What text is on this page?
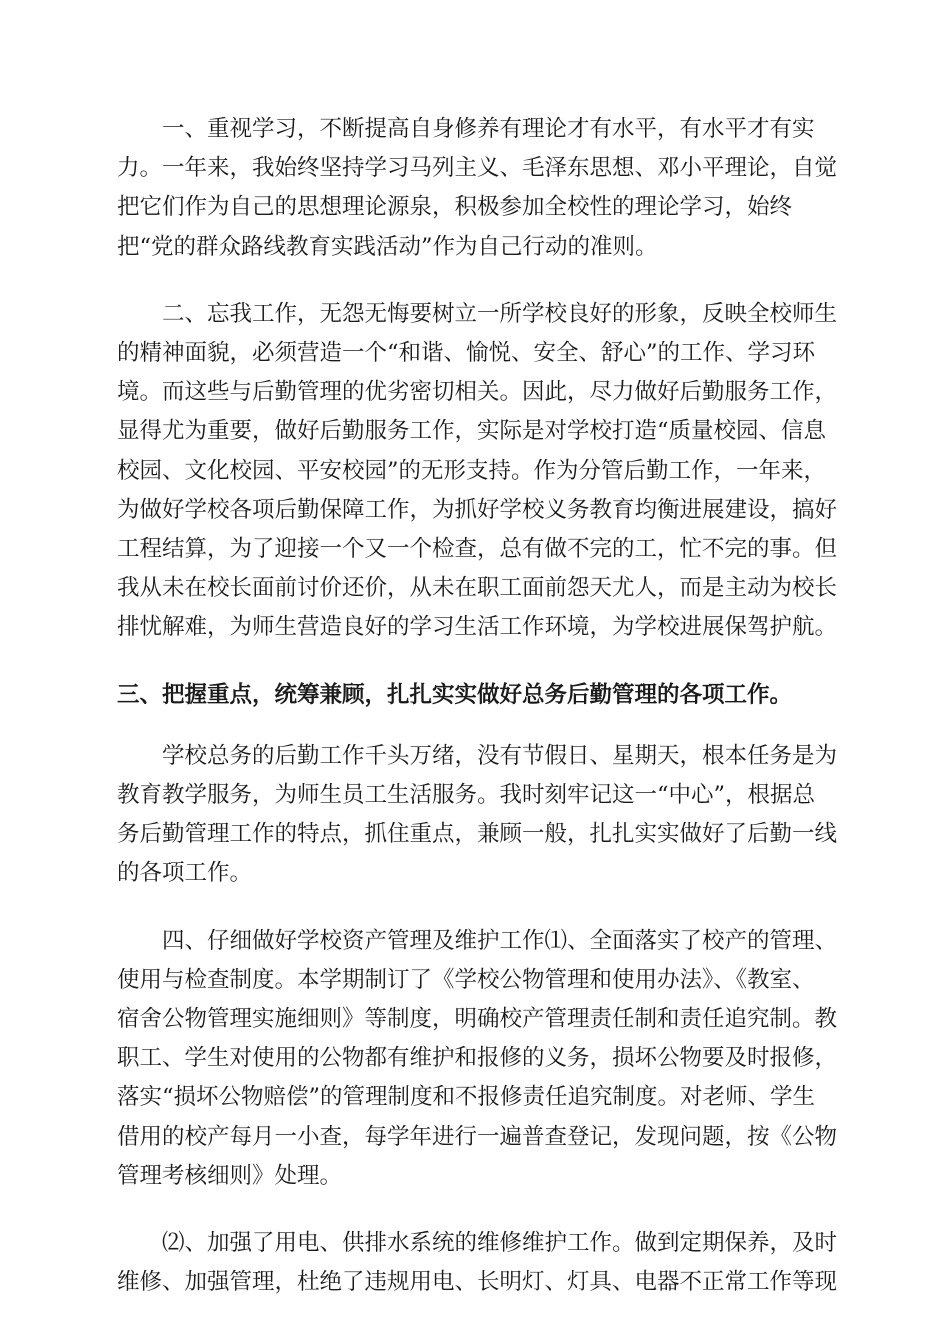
一、重视学习，不断提高自身修养有理论才有水平，有水平才有实
力。一年来，我始终坚持学习马列主义、毛泽东思想、邓小平理论，自觉
把它们作为自己的思想理论源泉，积极参加全校性的理论学习，始终
把“党的群众路线教育实践活动”作为自己行动的准则。

二、忘我工作，无怨无悔要树立一所学校良好的形象，反映全校师生
的精神面貌，必须营造一个“和谐、愉悦、安全、舒心”的工作、学习环
境。而这些与后勤管理的优劣密切相关。因此，尽力做好后勤服务工作，
显得尤为重要，做好后勤服务工作，实际是对学校打造“质量校园、信息
校园、文化校园、平安校园”的无形支持。作为分管后勤工作，一年来，
为做好学校各项后勤保障工作，为抓好学校义务教育均衡进展建设，搞好
工程结算，为了迎接一个又一个检查，总有做不完的工，忙不完的事。但
我从未在校长面前讨价还价，从未在职工面前怨天尤人，而是主动为校长
排忧解难，为师生营造良好的学习生活工作环境，为学校进展保驾护航。

三、把握重点，统筹兼顾，扎扎实实做好总务后勤管理的各项工作。

学校总务的后勤工作千头万绪，没有节假日、星期天，根本任务是为
教育教学服务，为师生员工生活服务。我时刻牢记这一“中心”，根据总
务后勤管理工作的特点，抓住重点，兼顾一般，扎扎实实做好了后勤一线
的各项工作。

四、仔细做好学校资产管理及维护工作⑴、全面落实了校产的管理、
使用与检查制度。本学期制订了《学校公物管理和使用办法》、《教室、
宿舍公物管理实施细则》等制度，明确校产管理责任制和责任追究制。教
职工、学生对使用的公物都有维护和报修的义务，损坏公物要及时报修，
落实“损坏公物赔偿”的管理制度和不报修责任追究制度。对老师、学生
借用的校产每月一小查，每学年进行一遍普查登记，发现问题，按《公物
管理考核细则》处理。

⑵、加强了用电、供排水系统的维修维护工作。做到定期保养，及时
维修、加强管理，杜绝了违规用电、长明灯、灯具、电器不正常工作等现
